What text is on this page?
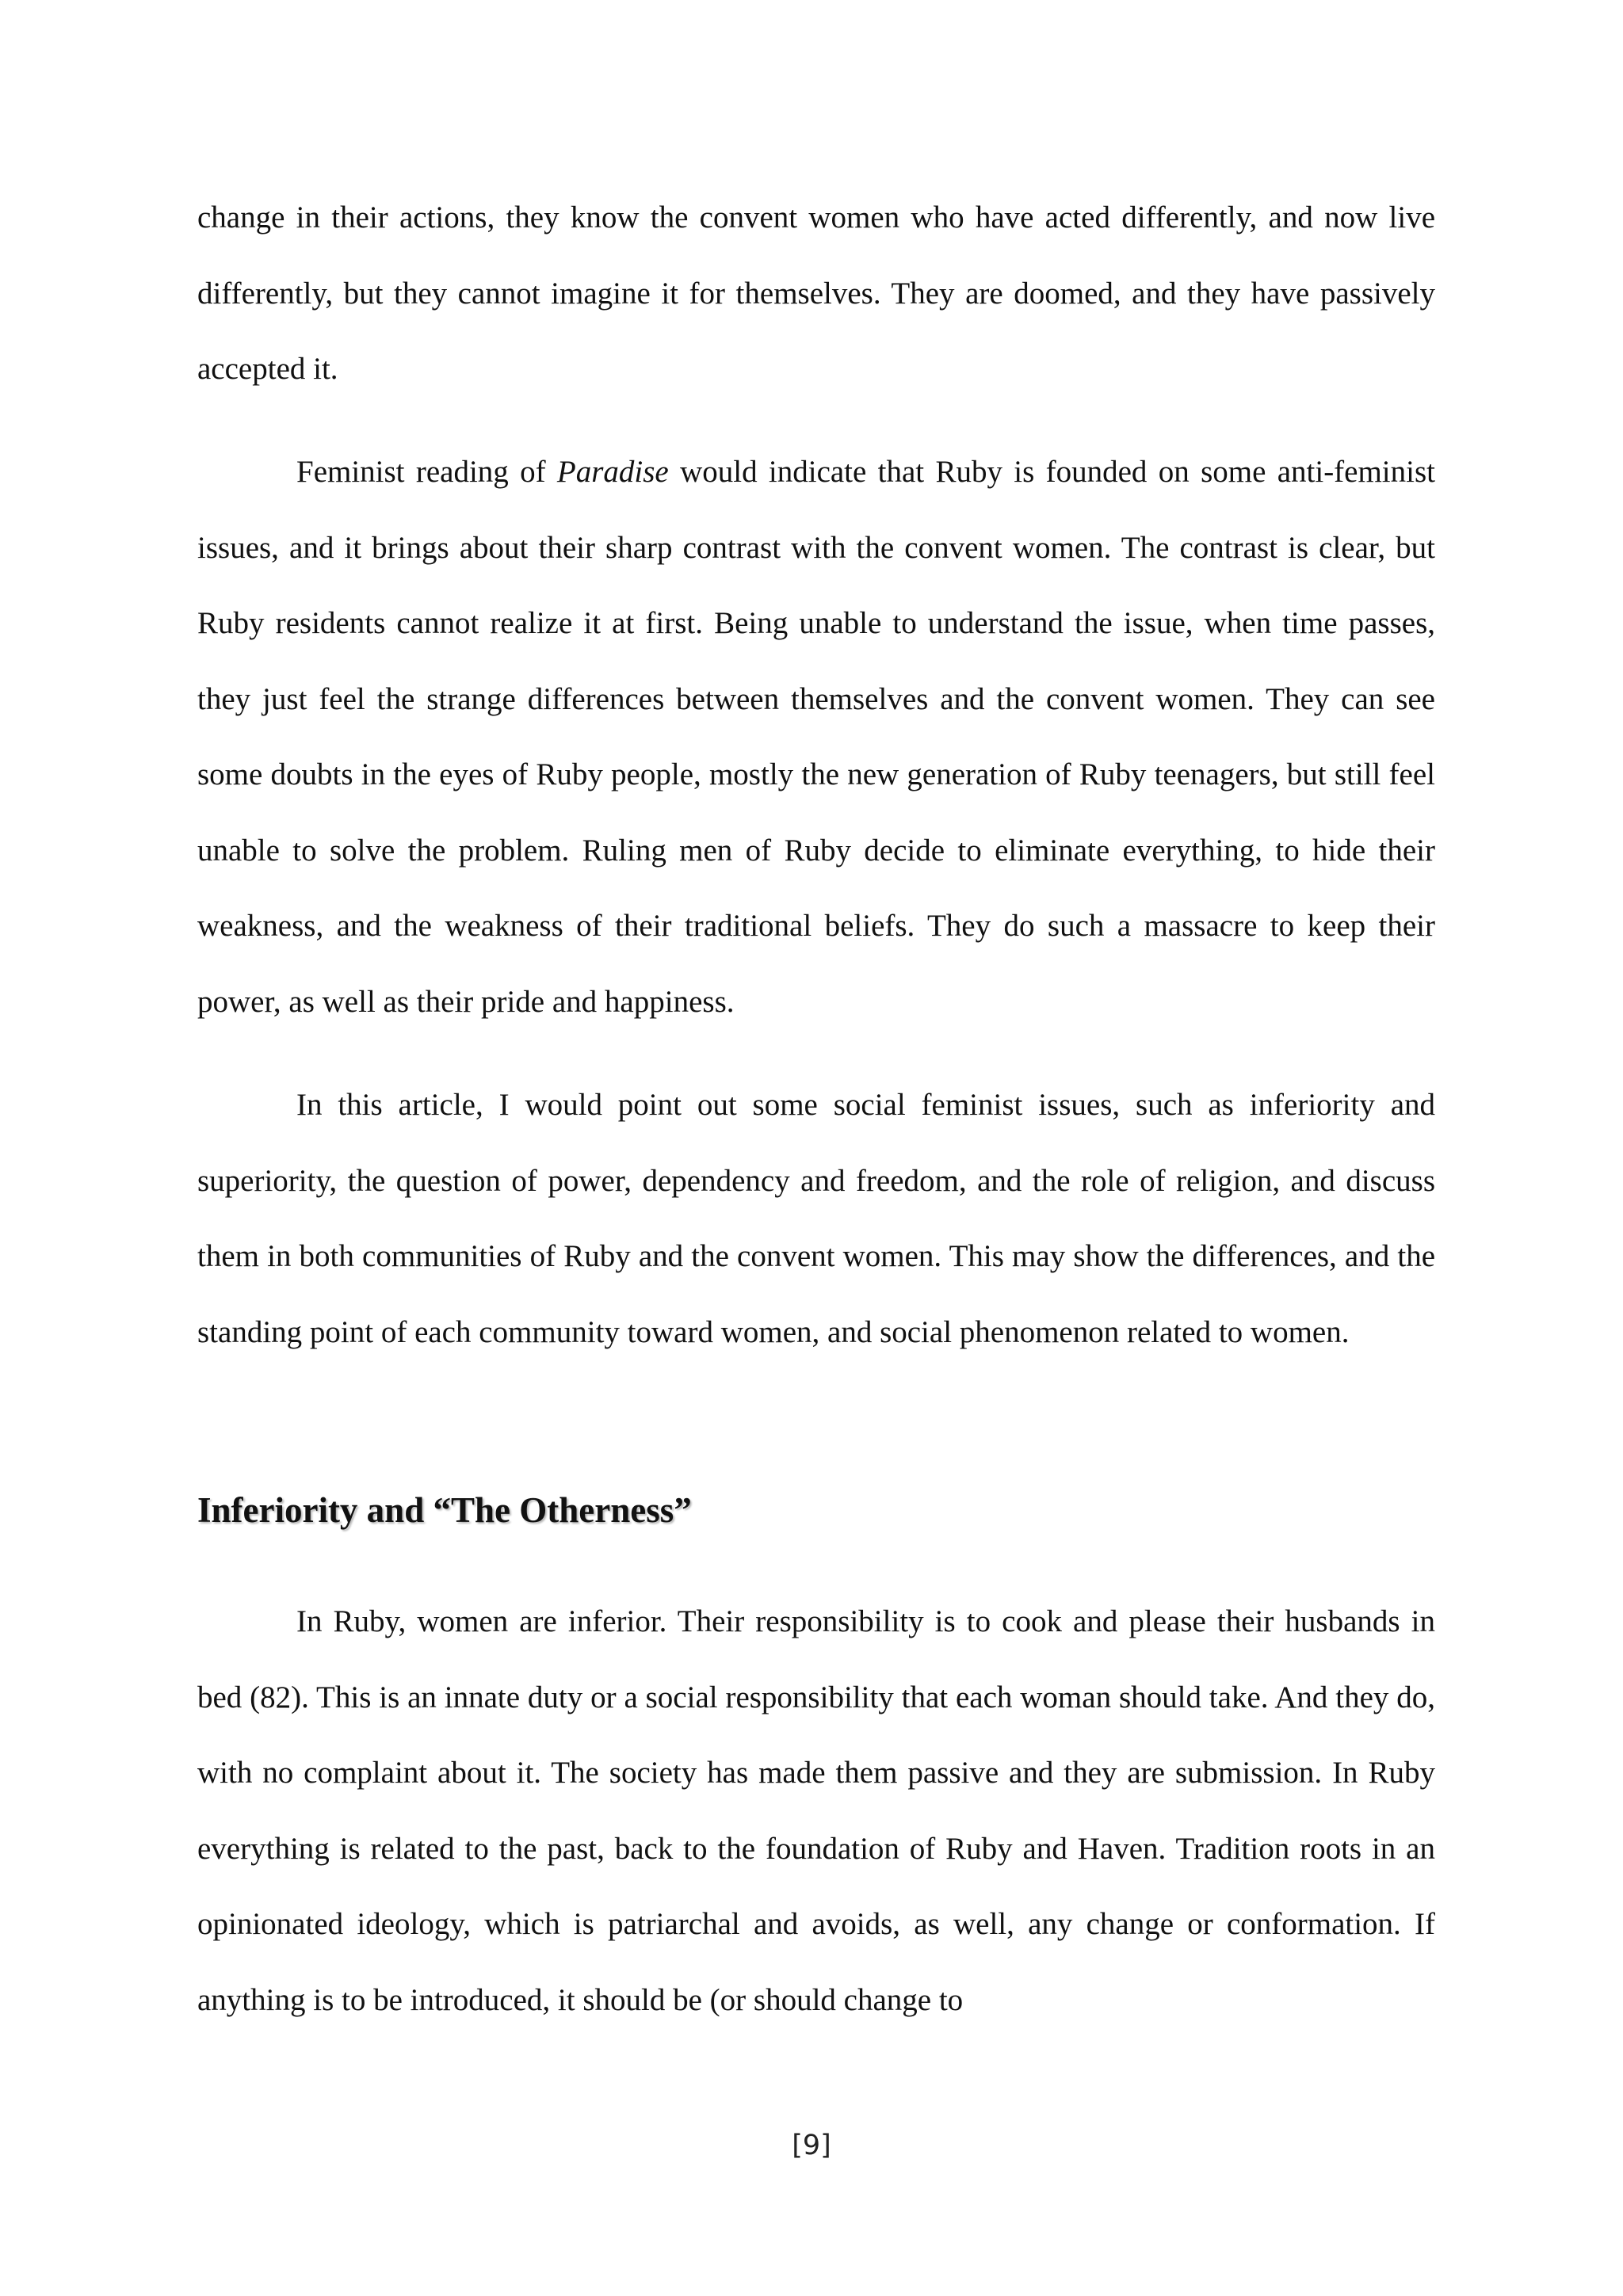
change in their actions, they know the convent women who have acted differently, and now live differently, but they cannot imagine it for themselves. They are doomed, and they have passively accepted it.

Feminist reading of Paradise would indicate that Ruby is founded on some anti-feminist issues, and it brings about their sharp contrast with the convent women. The contrast is clear, but Ruby residents cannot realize it at first. Being unable to understand the issue, when time passes, they just feel the strange differences between themselves and the convent women. They can see some doubts in the eyes of Ruby people, mostly the new generation of Ruby teenagers, but still feel unable to solve the problem. Ruling men of Ruby decide to eliminate everything, to hide their weakness, and the weakness of their traditional beliefs. They do such a massacre to keep their power, as well as their pride and happiness.

In this article, I would point out some social feminist issues, such as inferiority and superiority, the question of power, dependency and freedom, and the role of religion, and discuss them in both communities of Ruby and the convent women. This may show the differences, and the standing point of each community toward women, and social phenomenon related to women.

Inferiority and “The Otherness”

In Ruby, women are inferior. Their responsibility is to cook and please their husbands in bed (82). This is an innate duty or a social responsibility that each woman should take. And they do, with no complaint about it. The society has made them passive and they are submission. In Ruby everything is related to the past, back to the foundation of Ruby and Haven. Tradition roots in an opinionated ideology, which is patriarchal and avoids, as well, any change or conformation. If anything is to be introduced, it should be (or should change to

[9]
